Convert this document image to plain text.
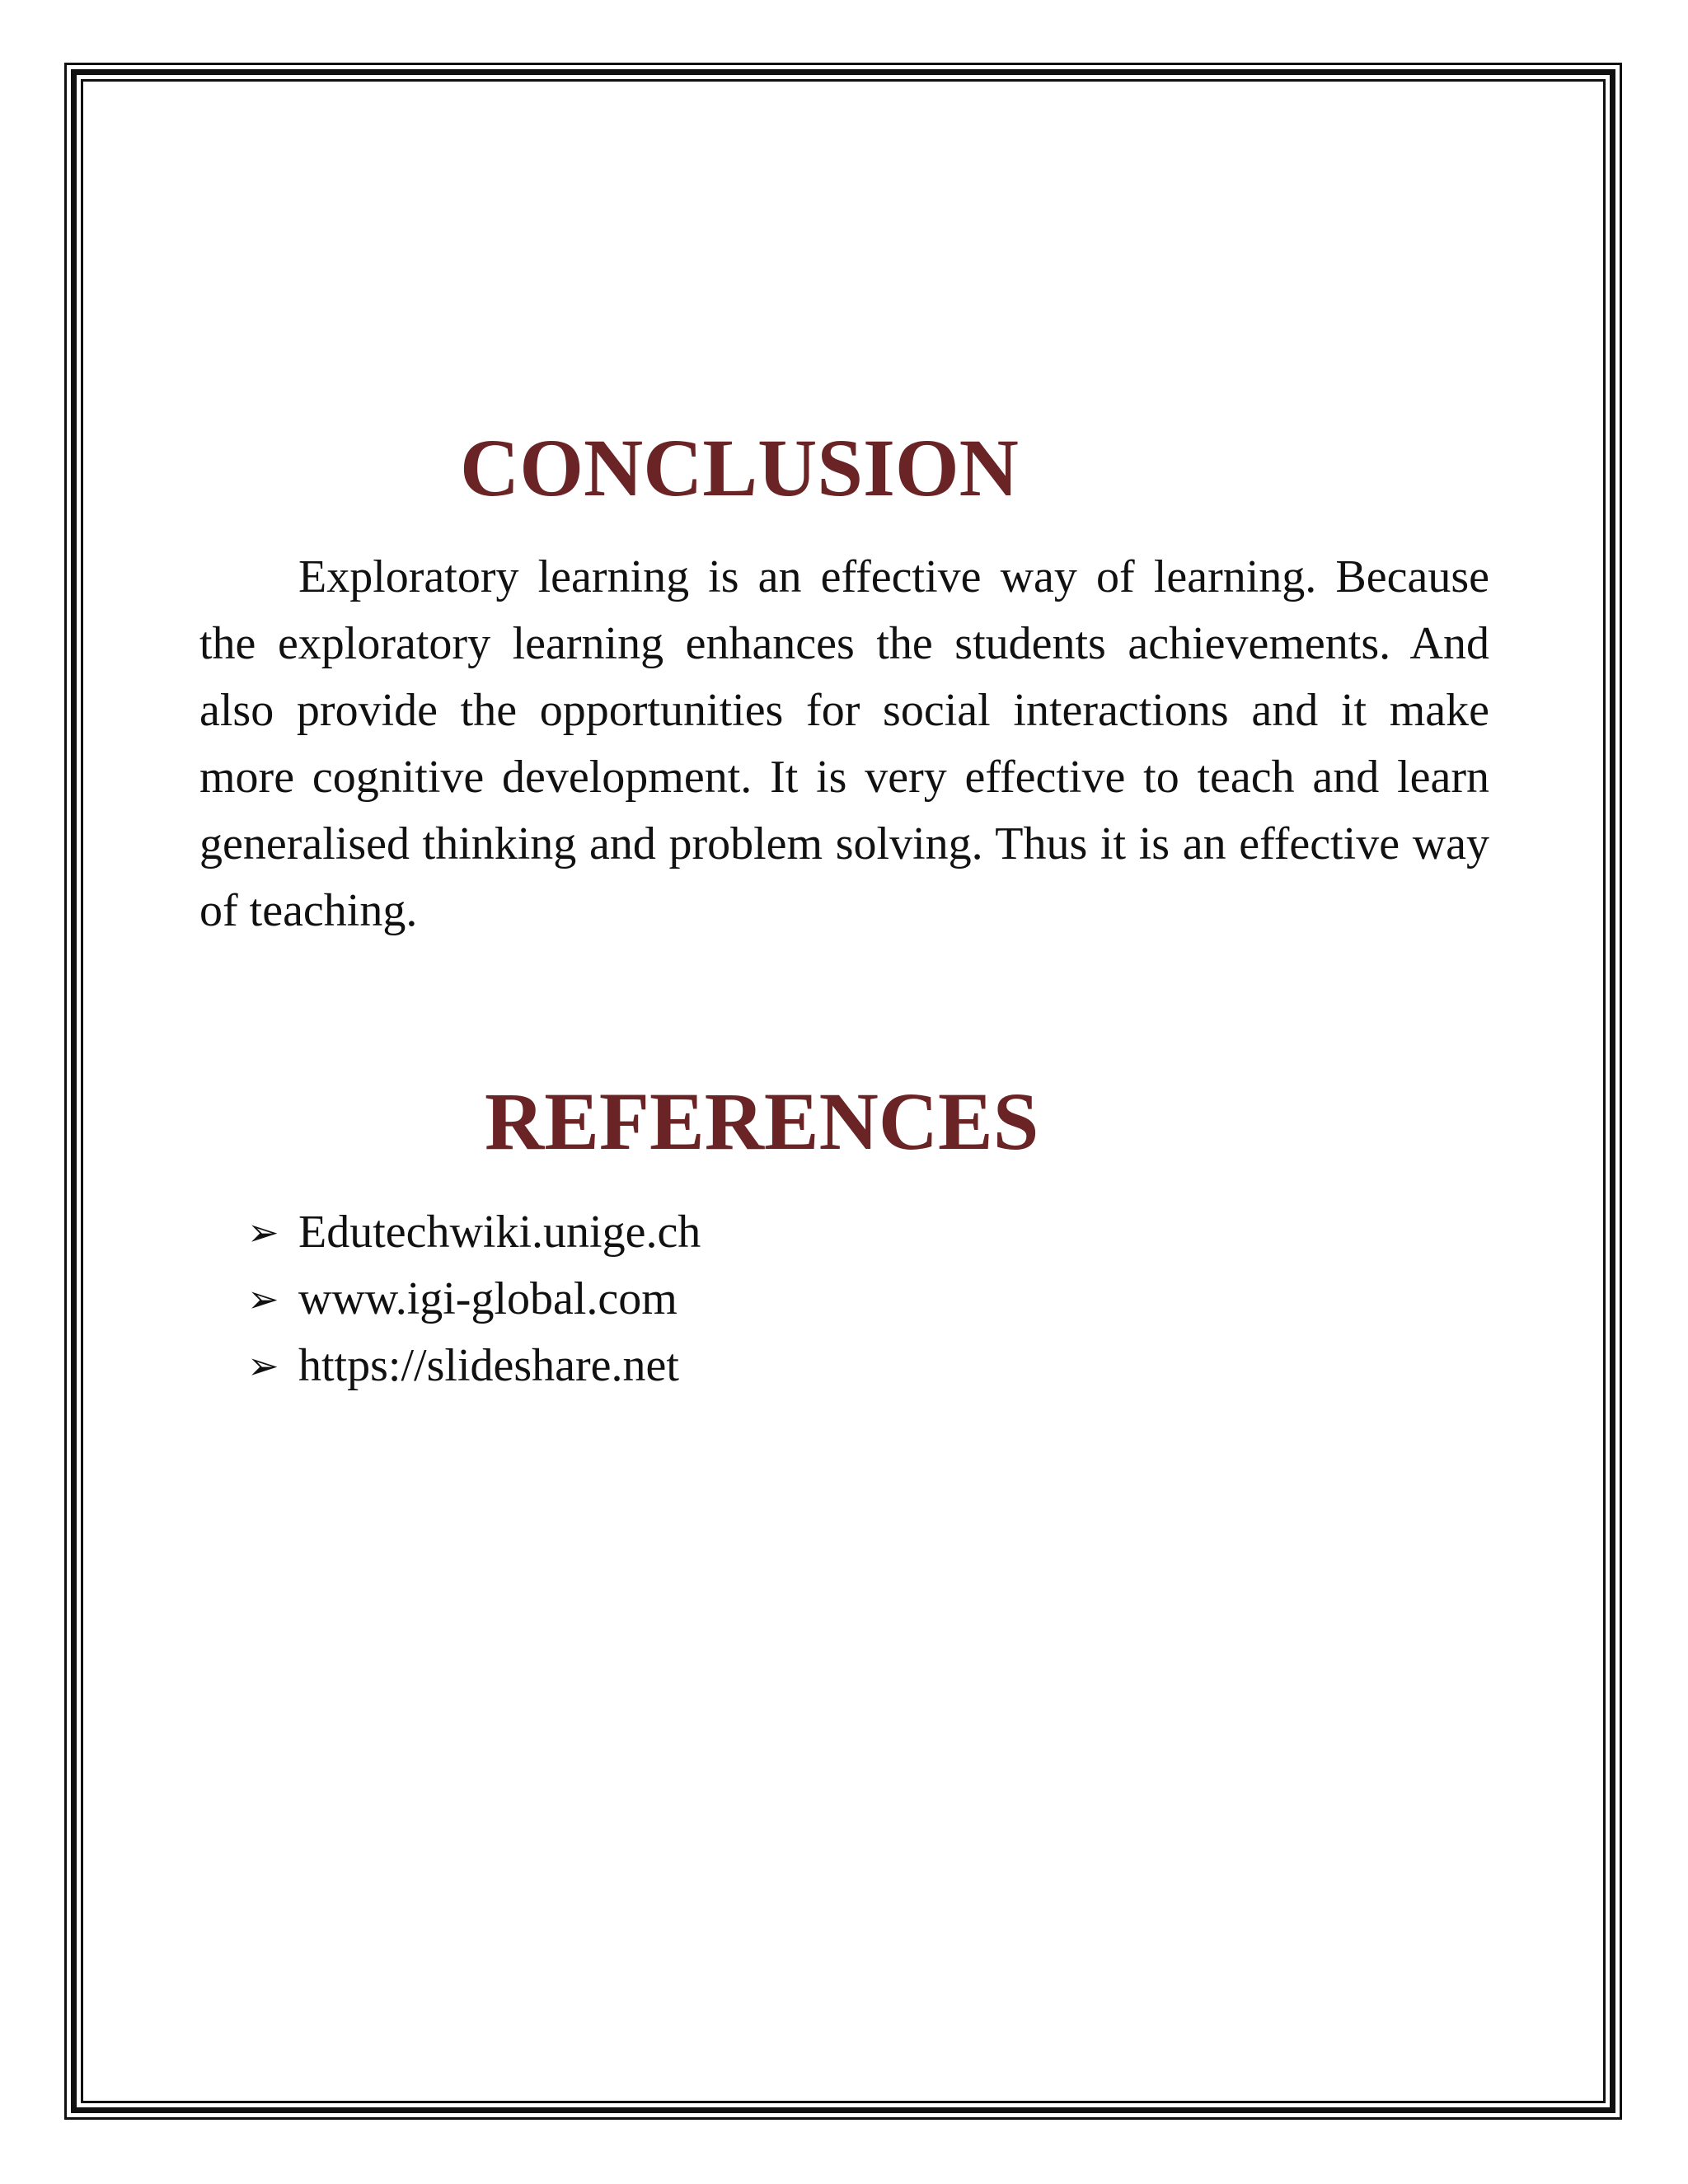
CONCLUSION

Exploratory learning is an effective way of learning. Because the exploratory learning enhances the students achievements. And also provide the opportunities for social interactions and it make more cognitive development. It is very effective to teach and learn generalised thinking and problem solving. Thus it is an effective way of teaching.

REFERENCES
➢ Edutechwiki.unige.ch
➢ www.igi-global.com
➢ https://slideshare.net
